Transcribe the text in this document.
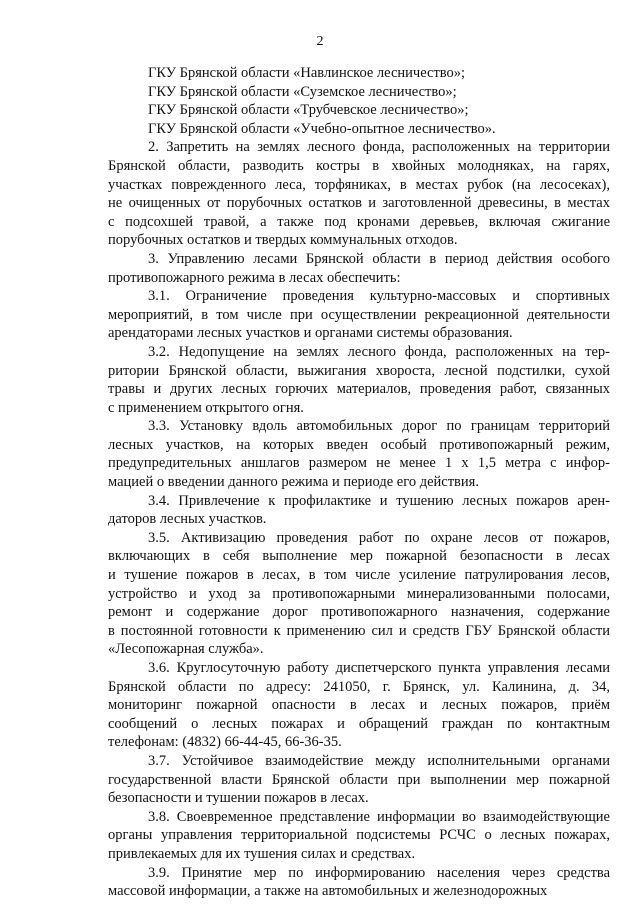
2
ГКУ Брянской области «Навлинское лесничество»;
ГКУ Брянской области «Суземское лесничество»;
ГКУ Брянской области «Трубчевское лесничество»;
ГКУ Брянской области «Учебно-опытное лесничество».
2. Запретить на землях лесного фонда, расположенных на территории
Брянской области, разводить костры в хвойных молодняках, на гарях,
участках поврежденного леса, торфяниках, в местах рубок (на лесосеках),
не очищенных от порубочных остатков и заготовленной древесины, в местах
с подсохшей травой, а также под кронами деревьев, включая сжигание
порубочных остатков и твердых коммунальных отходов.
3. Управлению лесами Брянской области в период действия особого
противопожарного режима в лесах обеспечить:
3.1. Ограничение проведения культурно-массовых и спортивных
мероприятий, в том числе при осуществлении рекреационной деятельности
арендаторами лесных участков и органами системы образования.
3.2. Недопущение на землях лесного фонда, расположенных на тер-
ритории Брянской области, выжигания хвороста, лесной подстилки, сухой
травы и других лесных горючих материалов, проведения работ, связанных
с применением открытого огня.
3.3. Установку вдоль автомобильных дорог по границам территорий
лесных участков, на которых введен особый противопожарный режим,
предупредительных аншлагов размером не менее 1 х 1,5 метра с инфор-
мацией о введении данного режима и периоде его действия.
3.4. Привлечение к профилактике и тушению лесных пожаров арен-
даторов лесных участков.
3.5. Активизацию проведения работ по охране лесов от пожаров,
включающих в себя выполнение мер пожарной безопасности в лесах
и тушение пожаров в лесах, в том числе усиление патрулирования лесов,
устройство и уход за противопожарными минерализованными полосами,
ремонт и содержание дорог противопожарного назначения, содержание
в постоянной готовности к применению сил и средств ГБУ Брянской области
«Лесопожарная служба».
3.6. Круглосуточную работу диспетчерского пункта управления лесами
Брянской области по адресу: 241050, г. Брянск, ул. Калинина, д. 34,
мониторинг пожарной опасности в лесах и лесных пожаров, приём
сообщений о лесных пожарах и обращений граждан по контактным
телефонам: (4832) 66-44-45, 66-36-35.
3.7. Устойчивое взаимодействие между исполнительными органами
государственной власти Брянской области при выполнении мер пожарной
безопасности и тушении пожаров в лесах.
3.8. Своевременное представление информации во взаимодействующие
органы управления территориальной подсистемы РСЧС о лесных пожарах,
привлекаемых для их тушения силах и средствах.
3.9. Принятие мер по информированию населения через средства
массовой информации, а также на автомобильных и железнодорожных
